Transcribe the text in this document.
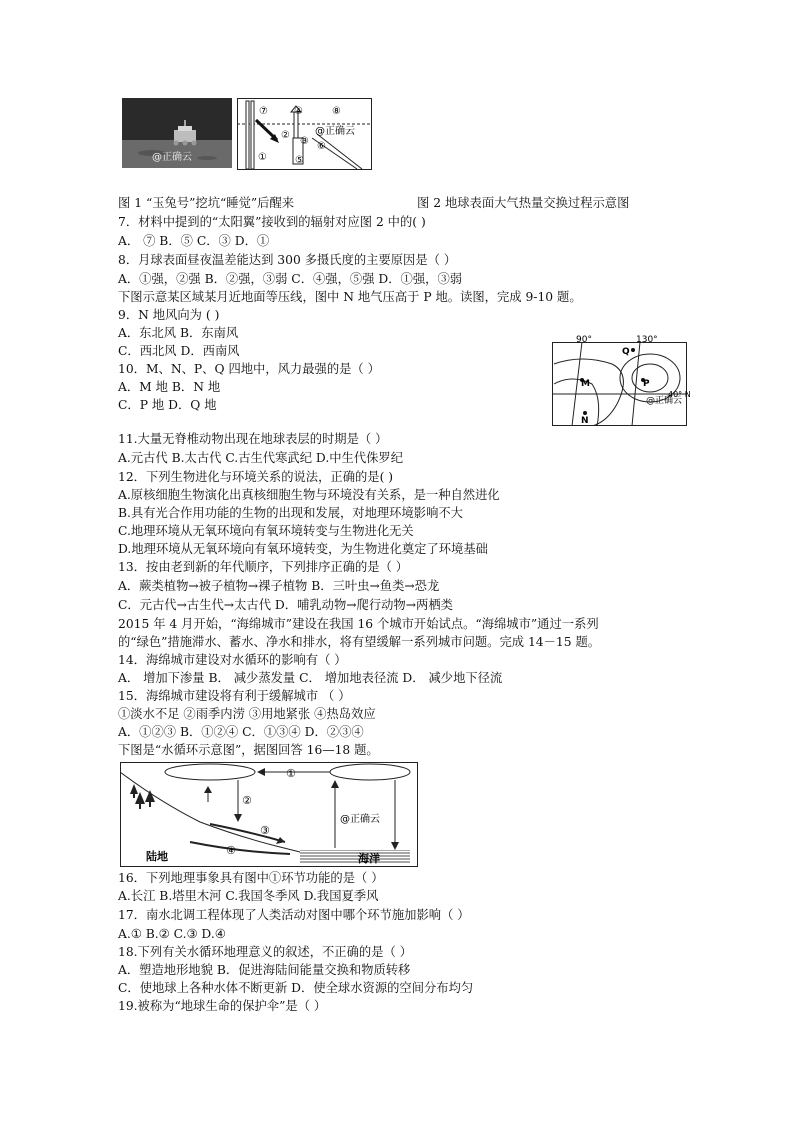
@正确云
⑦	④	⑧
②
③ ⑥
⑤
①
@正确云
图 1 “玉兔号”挖坑“睡觉”后醒来	图 2 地球表面大气热量交换过程示意图
7．材料中提到的“太阳翼”接收到的辐射对应图 2 中的( )
A． ⑦ B．⑤ C．③ D．①
8．月球表面昼夜温差能达到 300 多摄氏度的主要原因是（ ）
A．①强，②强 B．②强，③弱 C．④强，⑤强 D．①强，③弱
下图示意某区域某月近地面等压线，图中 N 地气压高于 P 地。读图，完成 9-10 题。
9．N 地风向为 ( )
A．东北风 B．东南风
C．西北风 D．西南风
10．M、N、P、Q 四地中，风力最强的是（ ）
A．M 地 B．N 地
C．P 地 D．Q 地
90°	130°
40° N
Q
M	P
N
@正确云
11.大量无脊椎动物出现在地球表层的时期是（ ）
A.元古代 B.太古代 C.古生代寒武纪 D.中生代侏罗纪
12．下列生物进化与环境关系的说法，正确的是( )
A.原核细胞生物演化出真核细胞生物与环境没有关系，是一种自然进化
B.具有光合作用功能的生物的出现和发展，对地理环境影响不大
C.地理环境从无氧环境向有氧环境转变与生物进化无关
D.地理环境从无氧环境向有氧环境转变，为生物进化奠定了环境基础
13．按由老到新的年代顺序，下列排序正确的是（ ）
A．蕨类植物→被子植物→裸子植物 B．三叶虫→鱼类→恐龙
C．元古代→古生代→太古代 D．哺乳动物→爬行动物→两栖类
2015 年 4 月开始，“海绵城市”建设在我国 16 个城市开始试点。“海绵城市”通过一系列
的“绿色”措施滞水、蓄水、净水和排水，将有望缓解一系列城市问题。完成 14－15 题。
14．海绵城市建设对水循环的影响有（ ）
A． 增加下渗量 B． 减少蒸发量 C． 增加地表径流 D． 减少地下径流
15．海绵城市建设将有利于缓解城市 （ ）
①淡水不足 ②雨季内涝 ③用地紧张 ④热岛效应
A．①②③ B．①②④ C．①③④ D．②③④
下图是“水循环示意图”，据图回答 16—18 题。
①
②
③
④
陆地	海洋
@正确云
16．下列地理事象具有图中①环节功能的是（ ）
A.长江 B.塔里木河 C.我国冬季风 D.我国夏季风
17．南水北调工程体现了人类活动对图中哪个环节施加影响（ ）
A.① B.② C.③ D.④
18.下列有关水循环地理意义的叙述，不正确的是（ ）
A．塑造地形地貌 B．促进海陆间能量交换和物质转移
C．使地球上各种水体不断更新 D．使全球水资源的空间分布均匀
19.被称为“地球生命的保护伞”是（ ）
